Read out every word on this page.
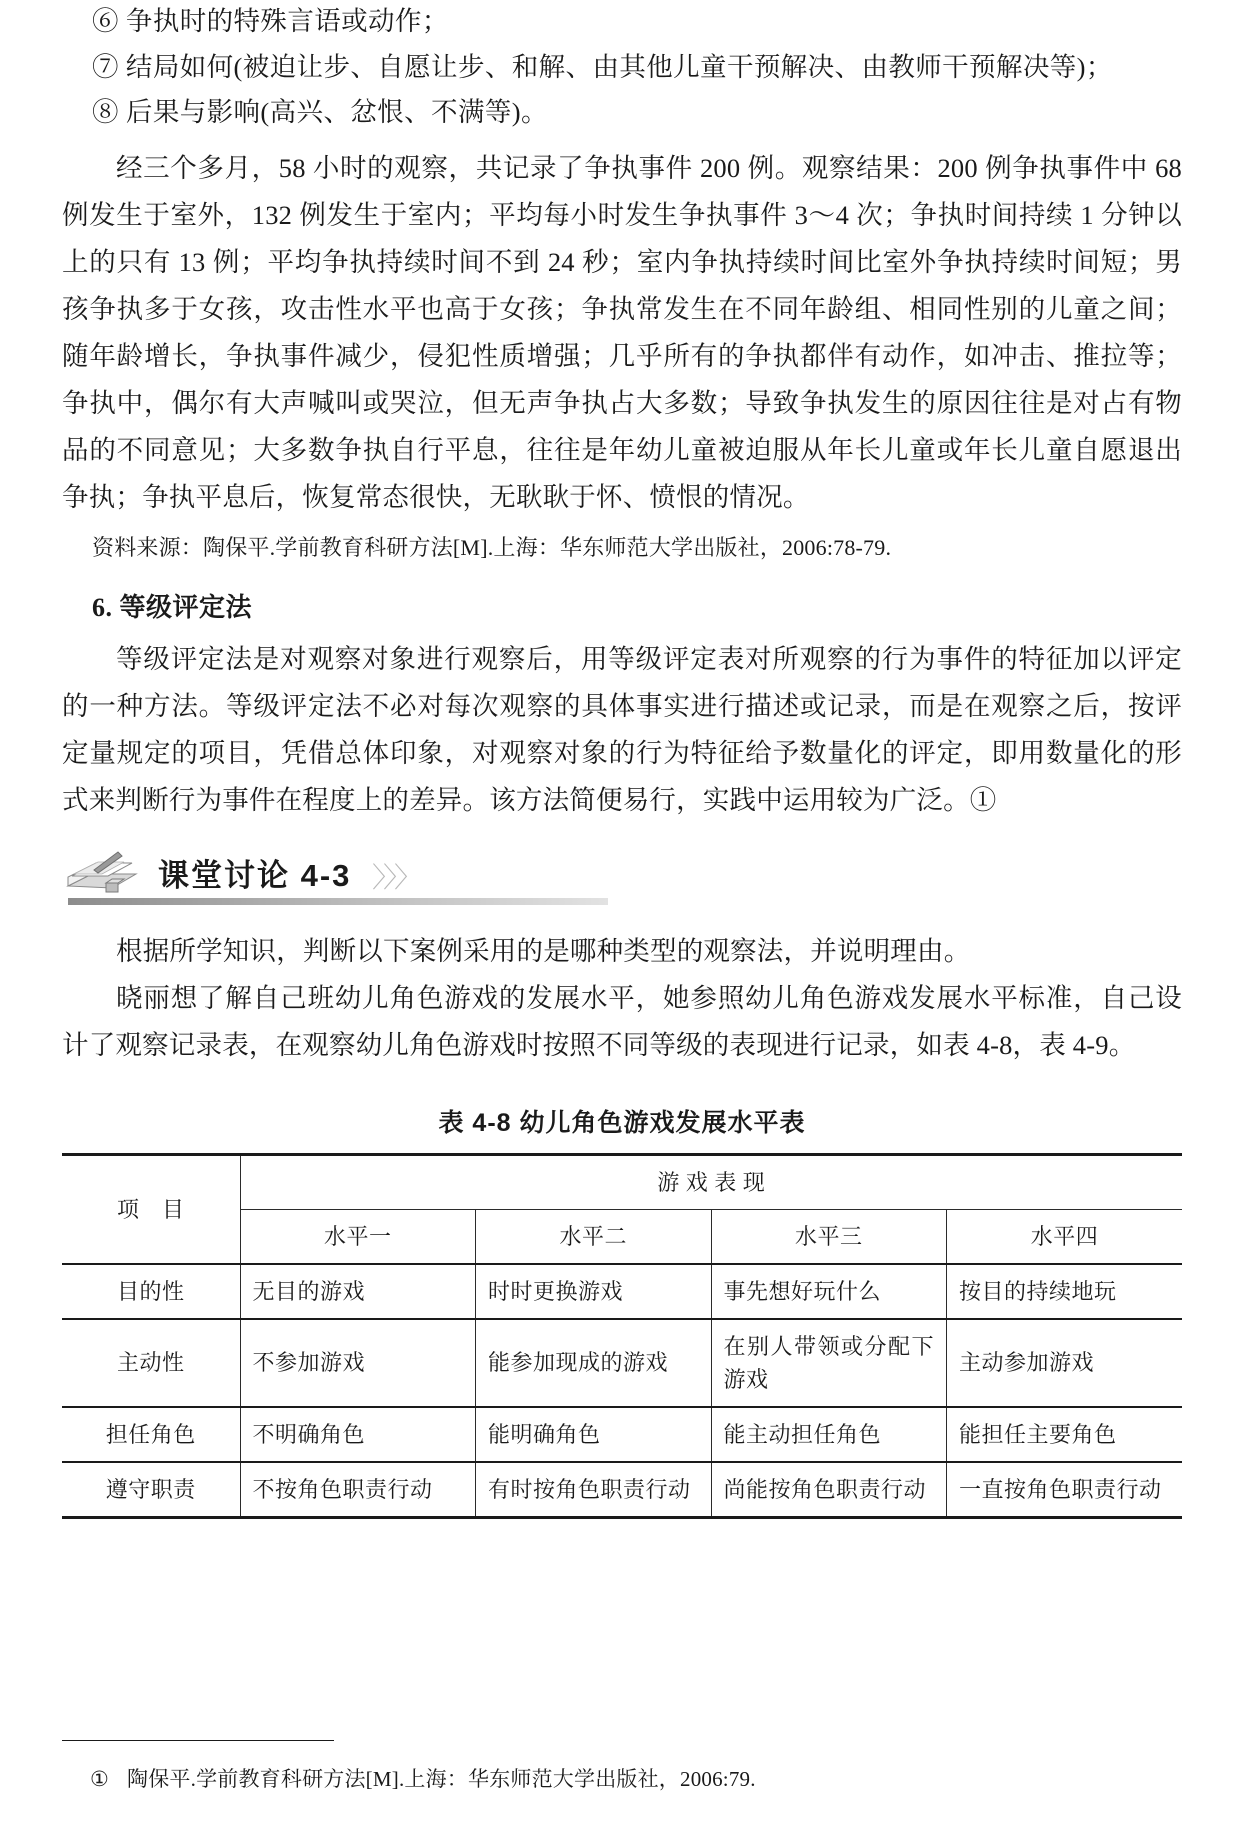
⑥ 争执时的特殊言语或动作；
⑦ 结局如何(被迫让步、自愿让步、和解、由其他儿童干预解决、由教师干预解决等)；
⑧ 后果与影响(高兴、忿恨、不满等)。
经三个多月，58 小时的观察，共记录了争执事件 200 例。观察结果：200 例争执事件中 68 例发生于室外，132 例发生于室内；平均每小时发生争执事件 3～4 次；争执时间持续 1 分钟以上的只有 13 例；平均争执持续时间不到 24 秒；室内争执持续时间比室外争执持续时间短；男孩争执多于女孩，攻击性水平也高于女孩；争执常发生在不同年龄组、相同性别的儿童之间；随年龄增长，争执事件减少，侵犯性质增强；几乎所有的争执都伴有动作，如冲击、推拉等；争执中，偶尔有大声喊叫或哭泣，但无声争执占大多数；导致争执发生的原因往往是对占有物品的不同意见；大多数争执自行平息，往往是年幼儿童被迫服从年长儿童或年长儿童自愿退出争执；争执平息后，恢复常态很快，无耿耿于怀、愤恨的情况。
资料来源：陶保平.学前教育科研方法[M].上海：华东师范大学出版社，2006:78-79.
6. 等级评定法
等级评定法是对观察对象进行观察后，用等级评定表对所观察的行为事件的特征加以评定的一种方法。等级评定法不必对每次观察的具体事实进行描述或记录，而是在观察之后，按评定量规定的项目，凭借总体印象，对观察对象的行为特征给予数量化的评定，即用数量化的形式来判断行为事件在程度上的差异。该方法简便易行，实践中运用较为广泛。①
课堂讨论 4-3 〉〉〉
根据所学知识，判断以下案例采用的是哪种类型的观察法，并说明理由。
晓丽想了解自己班幼儿角色游戏的发展水平，她参照幼儿角色游戏发展水平标准，自己设计了观察记录表，在观察幼儿角色游戏时按照不同等级的表现进行记录，如表 4-8，表 4-9。
表 4-8 幼儿角色游戏发展水平表
项　目	游 戏 表 现			
	水平一	水平二	水平三	水平四
目的性	无目的游戏	时时更换游戏	事先想好玩什么	按目的持续地玩
主动性	不参加游戏	能参加现成的游戏	在别人带领或分配下游戏	主动参加游戏
担任角色	不明确角色	能明确角色	能主动担任角色	能担任主要角色
遵守职责	不按角色职责行动	有时按角色职责行动	尚能按角色职责行动	一直按角色职责行动
① 陶保平.学前教育科研方法[M].上海：华东师范大学出版社，2006:79.
